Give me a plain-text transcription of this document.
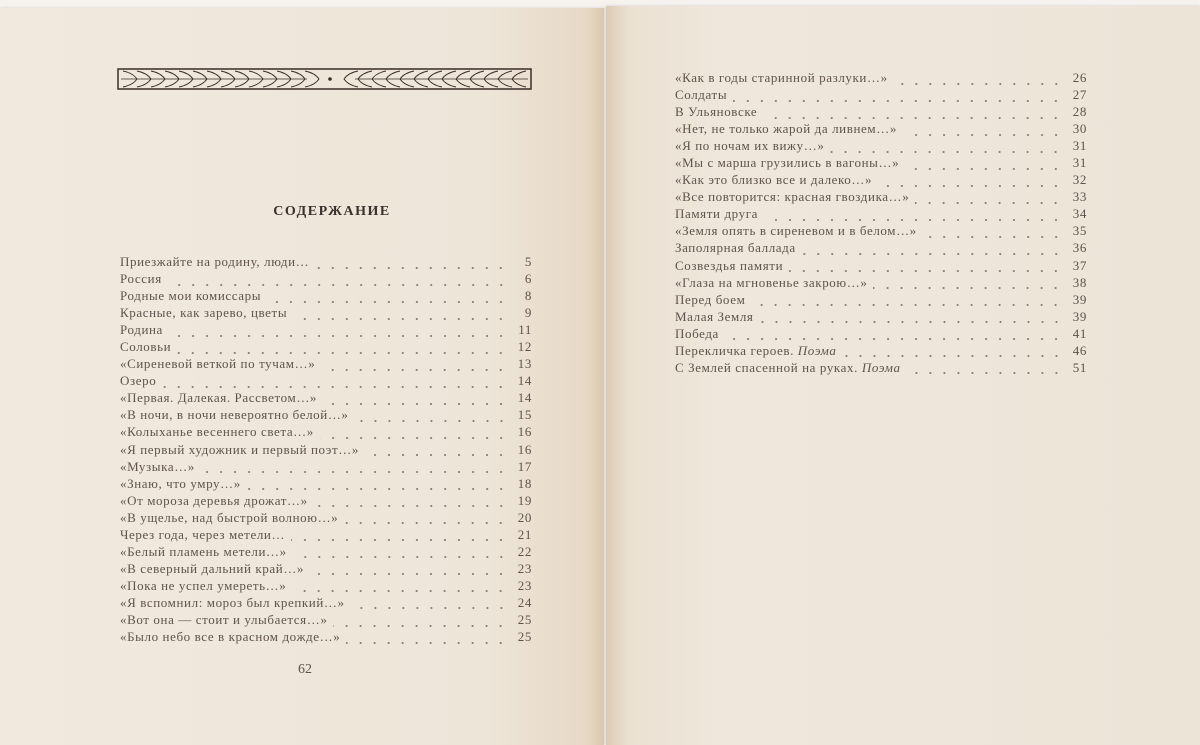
СОДЕРЖАНИЕ
Приезжайте на родину, люди…	5
Россия	6
Родные мои комиссары	8
Красные, как зарево, цветы	9
Родина	11
Соловьи	12
«Сиреневой веткой по тучам…»	13
Озеро	14
«Первая. Далекая. Рассветом…»	14
«В ночи, в ночи невероятно белой…»	15
«Колыханье весеннего света…»	16
«Я первый художник и первый поэт…»	16
«Музыка…»	17
«Знаю, что умру…»	18
«От мороза деревья дрожат…»	19
«В ущелье, над быстрой волною…»	20
Через года, через метели…	21
«Белый пламень метели…»	22
«В северный дальний край…»	23
«Пока не успел умереть…»	23
«Я вспомнил: мороз был крепкий…»	24
«Вот она — стоит и улыбается…»	25
«Было небо все в красном дожде…»	25
62
«Как в годы старинной разлуки…»	26
Солдаты	27
В Ульяновске	28
«Нет, не только жарой да ливнем…»	30
«Я по ночам их вижу…»	31
«Мы с марша грузились в вагоны…»	31
«Как это близко все и далеко…»	32
«Все повторится: красная гвоздика…»	33
Памяти друга	34
«Земля опять в сиреневом и в белом…»	35
Заполярная баллада	36
Созвездья памяти	37
«Глаза на мгновенье закрою…»	38
Перед боем	39
Малая Земля	39
Победа	41
Перекличка героев. Поэма	46
С Землей спасенной на руках. Поэма	51
